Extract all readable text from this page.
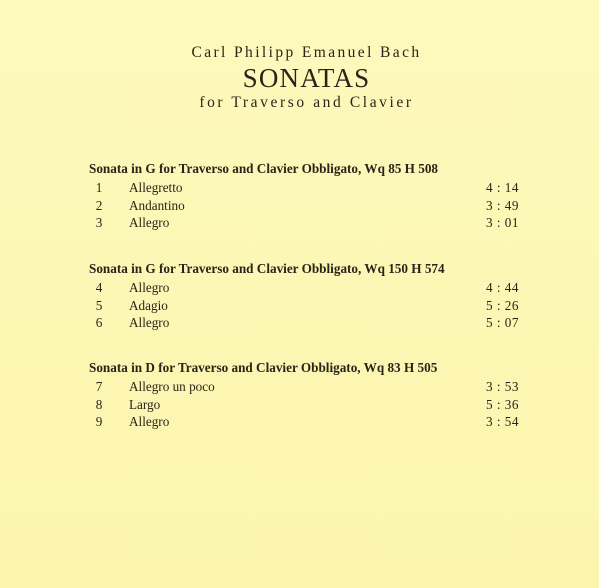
Carl Philipp Emanuel Bach
SONATAS
for Traverso and Clavier
Sonata in G for Traverso and Clavier Obbligato, Wq 85 H 508
1	Allegretto	4 : 14
2	Andantino	3 : 49
3	Allegro	3 : 01
Sonata in G for Traverso and Clavier Obbligato, Wq 150 H 574
4	Allegro	4 : 44
5	Adagio	5 : 26
6	Allegro	5 : 07
Sonata in D for Traverso and Clavier Obbligato, Wq 83 H 505
7	Allegro un poco	3 : 53
8	Largo	5 : 36
9	Allegro	3 : 54
